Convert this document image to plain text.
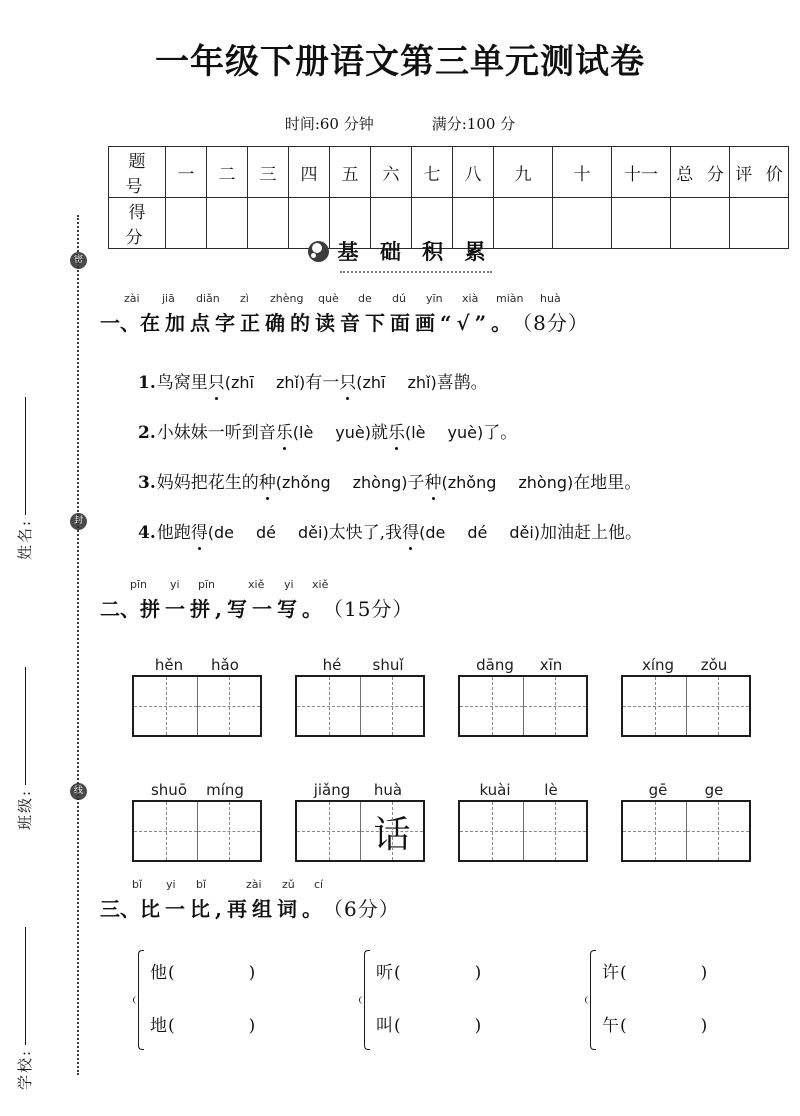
密
封
线
姓名:
班级:
学校:
一年级下册语文第三单元测试卷
时间:60 分钟	满分:100 分
题 号	一	二	三	四	五	六	七	八	九	十	十一	总 分	评 价
得 分													
基 础 积 累
zài jiā diǎn zì zhèng què de dú yīn xià miàn huà
一、在加点字正确的读音下面画“√”。 （8分）
1.鸟窝里只(zhī zhǐ)有一只(zhī zhǐ)喜鹊。
2.小妹妹一听到音乐(lè yuè)就乐(lè yuè)了。
3.妈妈把花生的种(zhǒng zhòng)子种(zhǒng zhòng)在地里。
4.他跑得(de dé děi)太快了,我得(de dé děi)加油赶上他。
pīn yi pīn	xiě yi xiě
二、拼一拼,写一写。 （15分）
hěn hǎo	hé shuǐ	dāng xīn	xíng zǒu
shuō míng	jiǎng huà
话
kuài lè	gē ge
bǐ yi bǐ	zài zǔ cí
三、比一比,再组词。 （6分）
他(	)
地(	)
听(	)
叫(	)
许(	)
午(	)
